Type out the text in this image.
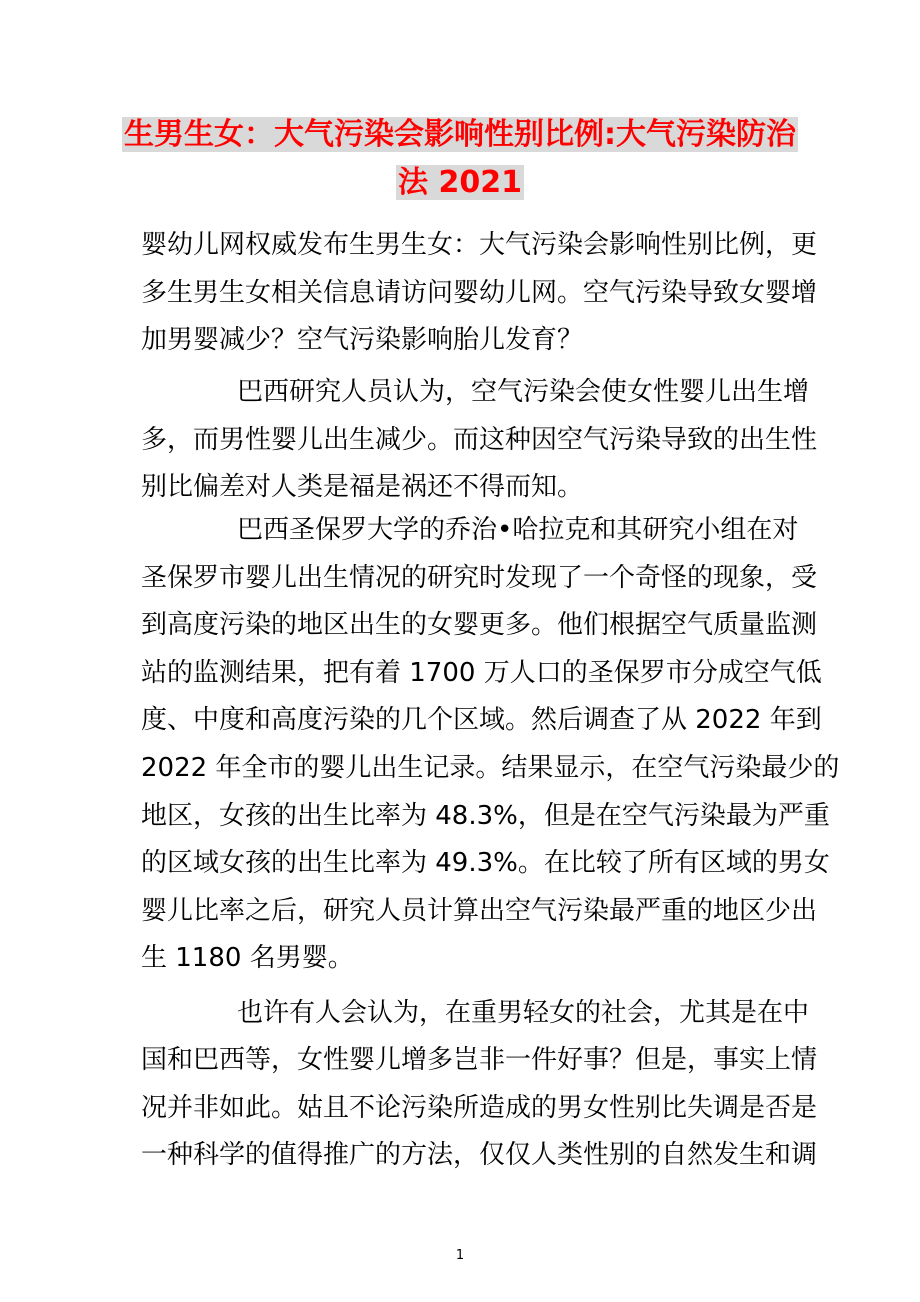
生男生女：大气污染会影响性别比例:大气污染防治
法 2021
婴幼儿网权威发布生男生女：大气污染会影响性别比例，更
多生男生女相关信息请访问婴幼儿网。空气污染导致女婴增
加男婴减少？空气污染影响胎儿发育？
巴西研究人员认为，空气污染会使女性婴儿出生增
多，而男性婴儿出生减少。而这种因空气污染导致的出生性
别比偏差对人类是福是祸还不得而知。
巴西圣保罗大学的乔治•哈拉克和其研究小组在对
圣保罗市婴儿出生情况的研究时发现了一个奇怪的现象，受
到高度污染的地区出生的女婴更多。他们根据空气质量监测
站的监测结果，把有着 1700 万人口的圣保罗市分成空气低
度、中度和高度污染的几个区域。然后调查了从 2022 年到
2022 年全市的婴儿出生记录。结果显示，在空气污染最少的
地区，女孩的出生比率为 48.3%，但是在空气污染最为严重
的区域女孩的出生比率为 49.3%。在比较了所有区域的男女
婴儿比率之后，研究人员计算出空气污染最严重的地区少出
生 1180 名男婴。
也许有人会认为，在重男轻女的社会，尤其是在中
国和巴西等，女性婴儿增多岂非一件好事？但是，事实上情
况并非如此。姑且不论污染所造成的男女性别比失调是否是
一种科学的值得推广的方法，仅仅人类性别的自然发生和调
1
